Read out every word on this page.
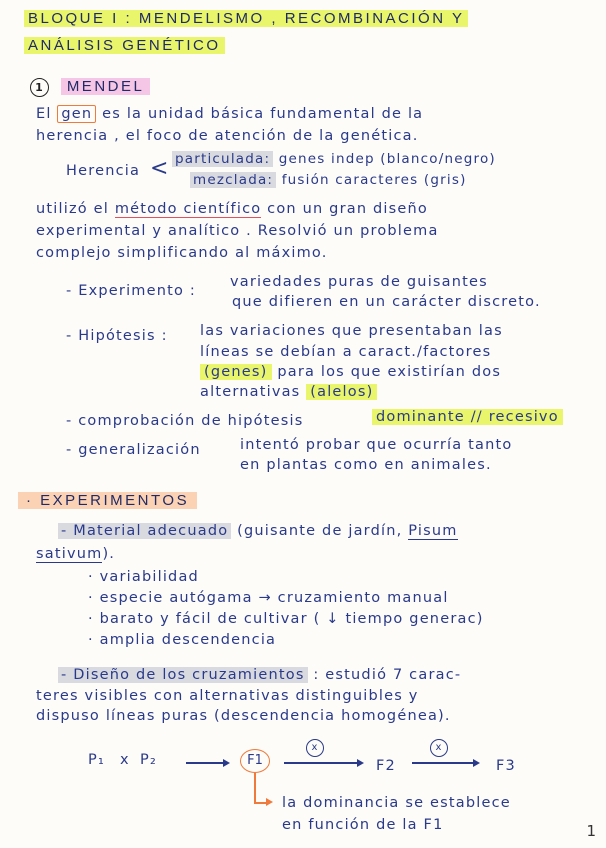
BLOQUE I : MENDELISMO , RECOMBINACIÓN Y
ANÁLISIS GENÉTICO
1 MENDEL
El gen es la unidad básica fundamental de la
herencia , el foco de atención de la genética.
Herencia < particulada: genes indep (blanco/negro)
mezclada: fusión caracteres (gris)
utilizó el método científico con un gran diseño
experimental y analítico . Resolvió un problema
complejo simplificando al máximo.
- Experimento :
variedades puras de guisantes
que difieren en un carácter discreto.
- Hipótesis : las variaciones que presentaban las
líneas se debían a caract./factores
(genes) para los que existirían dos
alternativas (alelos)
- comprobación de hipótesis	dominante // recesivo
- generalización	intentó probar que ocurría tanto
en plantas como en animales.
· EXPERIMENTOS
- Material adecuado (guisante de jardín, Pisum
sativum).
· variabilidad
· especie autógama → cruzamiento manual
· barato y fácil de cultivar ( ↓ tiempo generac)
· amplia descendencia
- Diseño de los cruzamientos : estudió 7 carac-
teres visibles con alternativas distinguibles y
dispuso líneas puras (descendencia homogénea).
P₁ x P₂	F1
x
F2
x
F3
la dominancia se establece
en función de la F1	1
